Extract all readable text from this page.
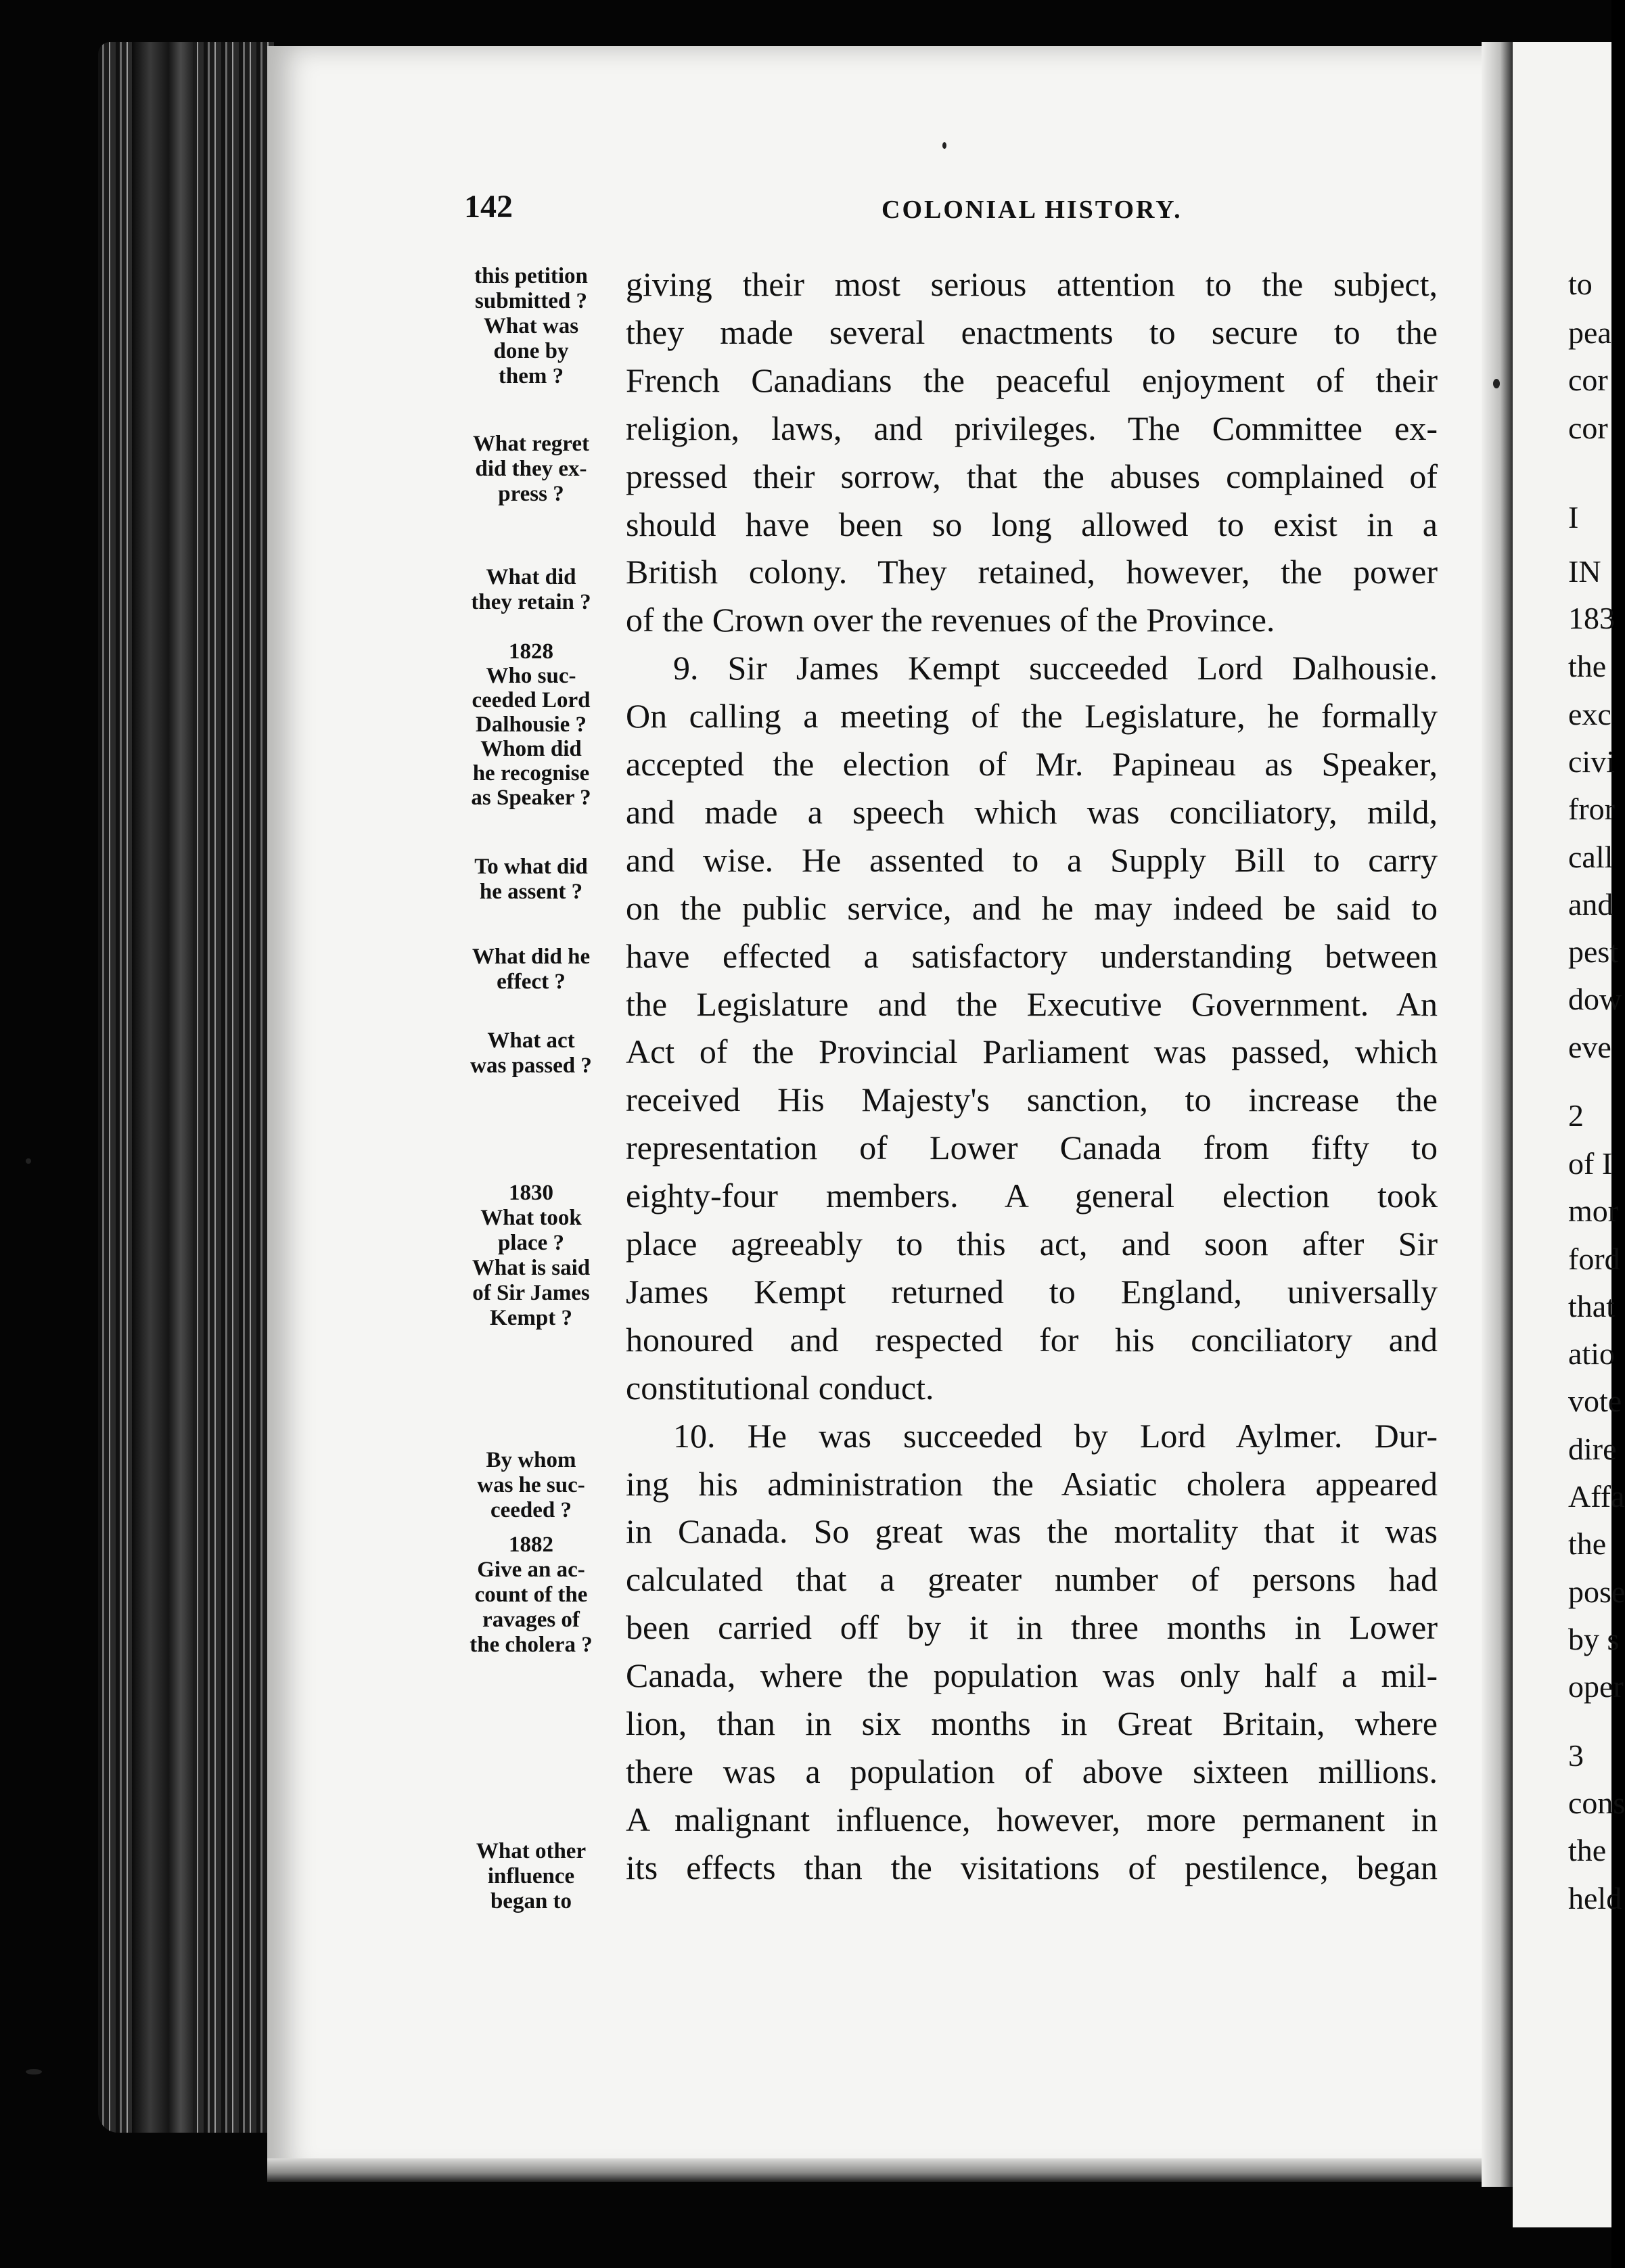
142	COLONIAL HISTORY.
this petition
submitted ?
What was
done by
them ?
What regret
did they ex-
press ?
What did
they retain ?
1828
Who suc-
ceeded Lord
Dalhousie ?
Whom did
he recognise
as Speaker ?
To what did
he assent ?
What did he
effect ?
What act
was passed ?
1830
What took
place ?
What is said
of Sir James
Kempt ?
By whom
was he suc-
ceeded ?
1882
Give an ac-
count of the
ravages of
the cholera ?
What other
influence
began to
giving their most serious attention to the subject,
they made several enactments to secure to the
French Canadians the peaceful enjoyment of their
religion, laws, and privileges. The Committee ex-
pressed their sorrow, that the abuses complained of
should have been so long allowed to exist in a
British colony. They retained, however, the power
of the Crown over the revenues of the Province.
9. Sir James Kempt succeeded Lord Dalhousie.
On calling a meeting of the Legislature, he formally
accepted the election of Mr. Papineau as Speaker,
and made a speech which was conciliatory, mild,
and wise. He assented to a Supply Bill to carry
on the public service, and he may indeed be said to
have effected a satisfactory understanding between
the Legislature and the Executive Government. An
Act of the Provincial Parliament was passed, which
received His Majesty's sanction, to increase the
representation of Lower Canada from fifty to
eighty-four members. A general election took
place agreeably to this act, and soon after Sir
James Kempt returned to England, universally
honoured and respected for his conciliatory and
constitutional conduct.
10. He was succeeded by Lord Aylmer. Dur-
ing his administration the Asiatic cholera appeared
in Canada. So great was the mortality that it was
calculated that a greater number of persons had
been carried off by it in three months in Lower
Canada, where the population was only half a mil-
lion, than in six months in Great Britain, where
there was a population of above sixteen millions.
A malignant influence, however, more permanent in
its effects than the visitations of pestilence, began
to
pea
cor
cor
I
IN
183
the
exc
civi
fror
call
and
pest
dow
eve
2
of I
mor
ford
that
atio
vote
dire
Affa
the
pose
by s
oper
3
cons
the
held
